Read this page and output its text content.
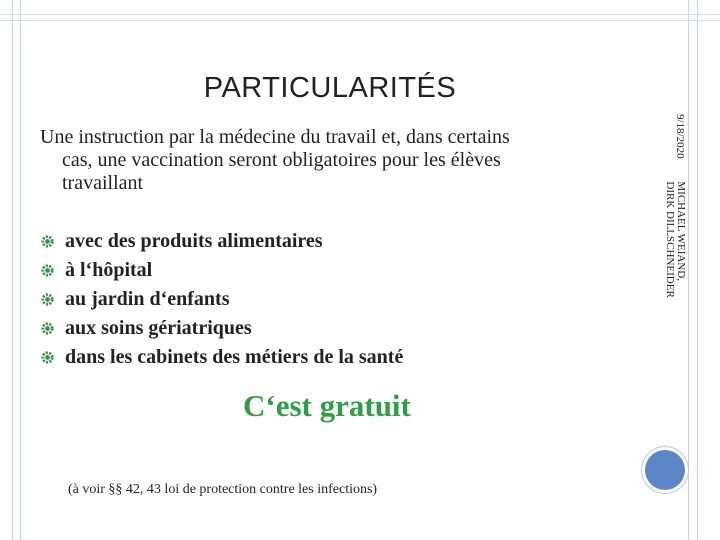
PARTICULARITÉS
Une instruction par la médecine du travail et, dans certains
cas, une vaccination seront obligatoires pour les élèves
travaillant
avec des produits alimentaires
à l‘hôpital
au jardin d‘enfants
aux soins gériatriques
dans les cabinets des métiers de la santé
C‘est gratuit
(à voir §§ 42, 43 loi de protection contre les infections)
9/18/2020 MICHAEL WEIAND,
DIRK DILLSCHNEIDER
